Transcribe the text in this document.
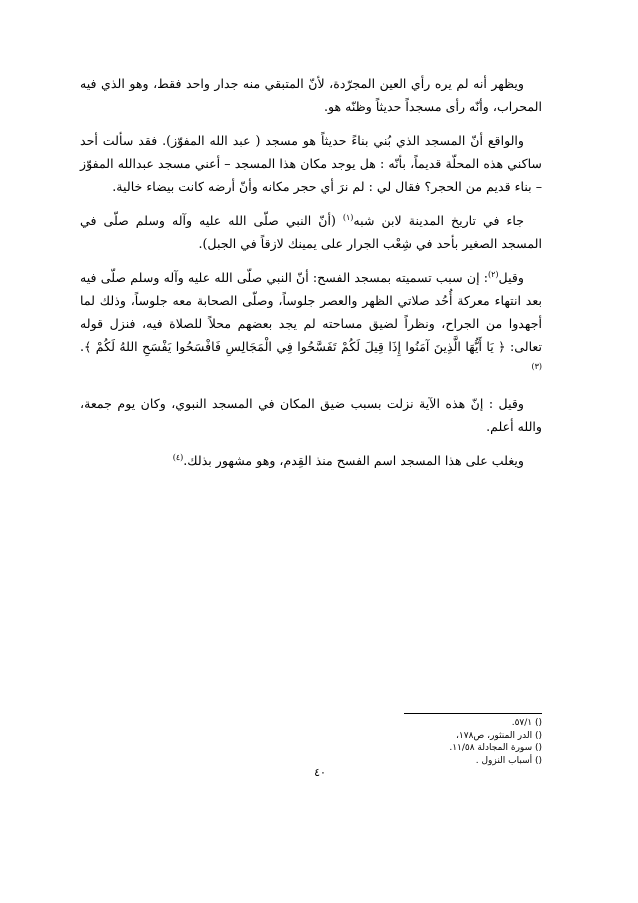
ويظهر أنه لم يره رأي العين المجرّدة، لأنّ المتبقي منه جدار واحد فقط، وهو الذي فيه المحراب، وأنّه رأى مسجداً حديثاً وظنّه هو.

والواقع أنّ المسجد الذي بُني بناءً حديثاً هو مسجد ( عبد الله المفوّز). فقد سألت أحد ساكني هذه المحلّة قديماً، بأنّه : هل يوجد مكان هذا المسجد – أعني مسجد عبدالله المفوّز – بناء قديم من الحجر؟ فقال لي : لم نرَ أي حجر مكانه وأنّ أرضه كانت بيضاء خالية.

جاء في تاريخ المدينة لابن شبه$^{(١)}$ (أنّ النبي صلّى الله عليه وآله وسلم صلّى في المسجد الصغير بأحد في شِعْب الجرار على يمينك لازقاً في الجبل).

وقيل$^{(٢)}$: إن سبب تسميته بمسجد الفسح: أنّ النبي صلّى الله عليه وآله وسلم صلّى فيه بعد انتهاء معركة أُحُد صلاتي الظهر والعصر جلوساً، وصلّى الصحابة معه جلوساً، وذلك لما أجهدوا من الجراح، ونظراً لضيق مساحته لم يجد بعضهم محلاً للصلاة فيه، فنزل قوله تعالى: ﴿ يَا أَيُّهَا الَّذِينَ آمَنُوا إِذَا قِيلَ لَكُمْ تَفَسَّحُوا فِي الْمَجَالِسِ فَافْسَحُوا يَفْسَحِ اللهُ لَكُمْ ﴾.$^{(٣)}$

وقيل : إنّ هذه الآية نزلت بسبب ضيق المكان في المسجد النبوي، وكان يوم جمعة، والله أعلم.

ويغلب على هذا المسجد اسم الفسح منذ القِدم، وهو مشهور بذلك.$^{(٤)}$

() ٥٧/١.
() الدر المنثور، ص١٧٨،
() سورة المجادلة ١١/٥٨.
() أسباب النزول .
٤٠
